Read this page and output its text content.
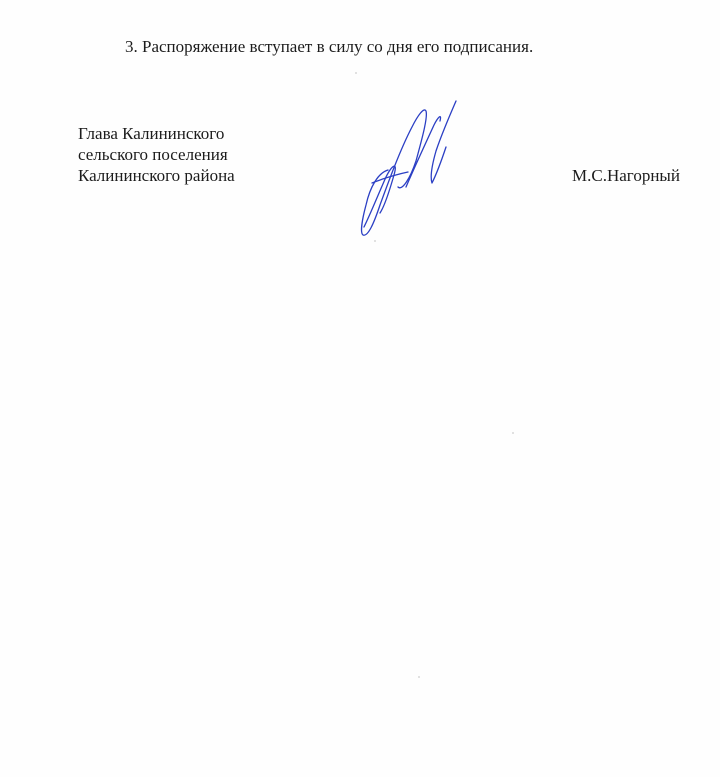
3. Распоряжение вступает в силу со дня его подписания.
Глава Калининского
сельского поселения
Калининского района	М.С.Нагорный
